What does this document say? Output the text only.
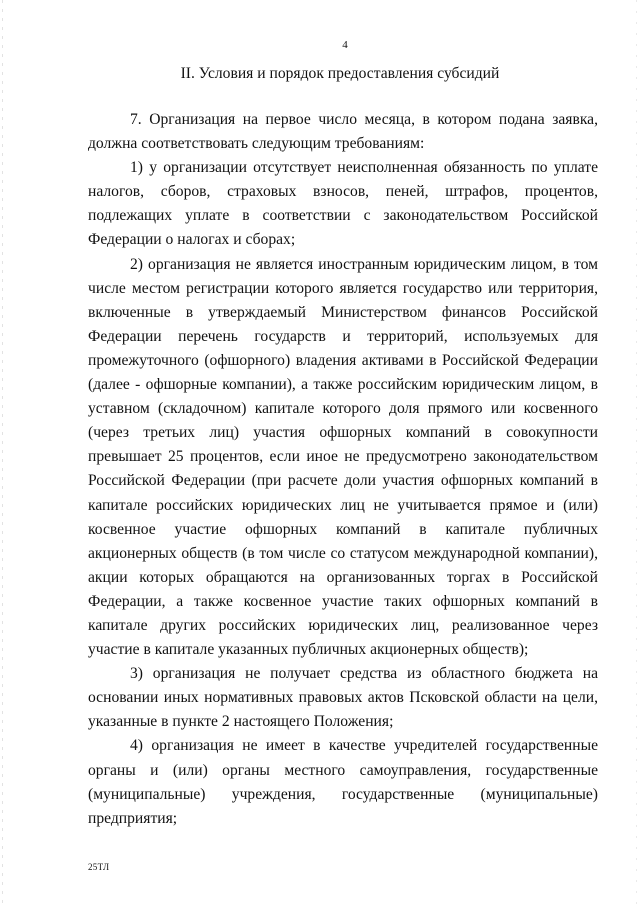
4
II. Условия и порядок предоставления субсидий

7. Организация на первое число месяца, в котором подана заявка, должна соответствовать следующим требованиям:

1) у организации отсутствует неисполненная обязанность по уплате налогов, сборов, страховых взносов, пеней, штрафов, процентов, подлежащих уплате в соответствии с законодательством Российской Федерации о налогах и сборах;

2) организация не является иностранным юридическим лицом, в том числе местом регистрации которого является государство или территория, включенные в утверждаемый Министерством финансов Российской Федерации перечень государств и территорий, используемых для промежуточного (офшорного) владения активами в Российской Федерации (далее - офшорные компании), а также российским юридическим лицом, в уставном (складочном) капитале которого доля прямого или косвенного (через третьих лиц) участия офшорных компаний в совокупности превышает 25 процентов, если иное не предусмотрено законодательством Российской Федерации (при расчете доли участия офшорных компаний в капитале российских юридических лиц не учитывается прямое и (или) косвенное участие офшорных компаний в капитале публичных акционерных обществ (в том числе со статусом международной компании), акции которых обращаются на организованных торгах в Российской Федерации, а также косвенное участие таких офшорных компаний в капитале других российских юридических лиц, реализованное через участие в капитале указанных публичных акционерных обществ);

3) организация не получает средства из областного бюджета на основании иных нормативных правовых актов Псковской области на цели, указанные в пункте 2 настоящего Положения;

4) организация не имеет в качестве учредителей государственные органы и (или) органы местного самоуправления, государственные (муниципальные) учреждения, государственные (муниципальные) предприятия;

25ТЛ
